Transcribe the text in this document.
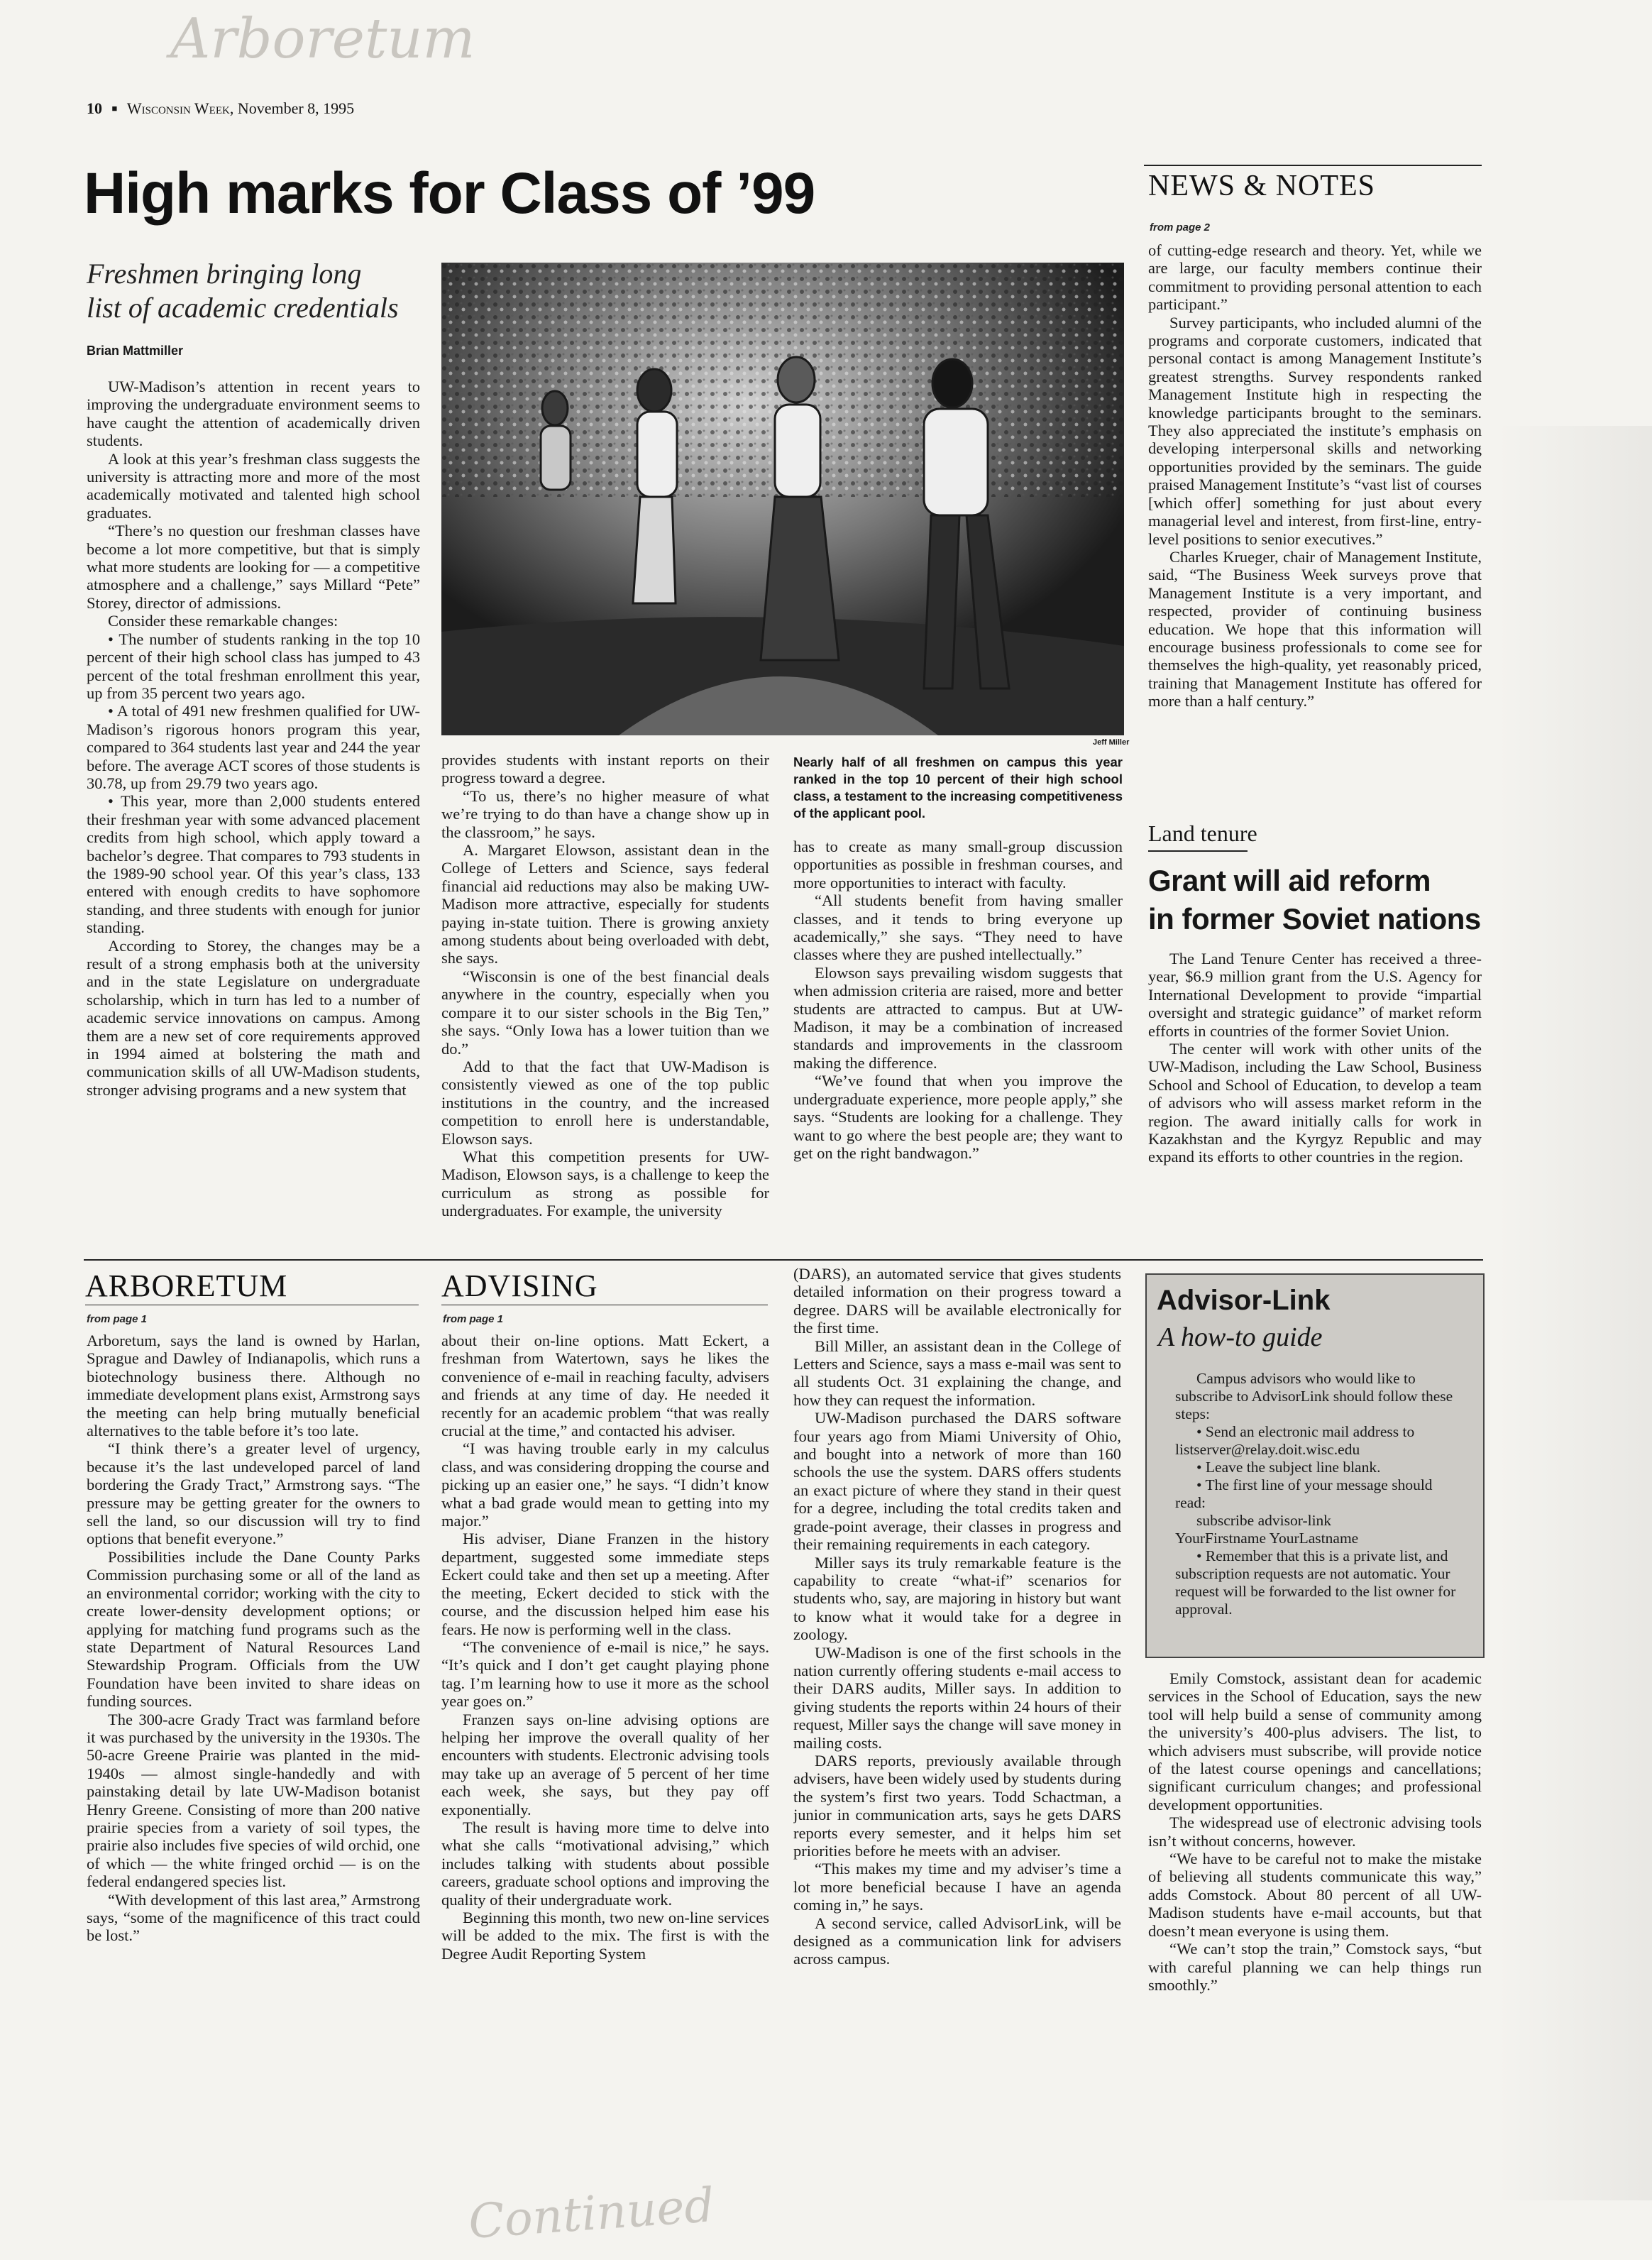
Arboretum
Continued
10 ■ Wisconsin Week, November 8, 1995
High marks for Class of ’99
Freshmen bringing long
list of academic credentials
Brian Mattmiller

UW-Madison’s attention in recent years to improving the undergraduate environment seems to have caught the attention of academically driven students.

A look at this year’s freshman class suggests the university is attracting more and more of the most academically motivated and talented high school graduates.

“There’s no question our freshman classes have become a lot more competitive, but that is simply what more students are looking for — a competitive atmosphere and a challenge,” says Millard “Pete” Storey, director of admissions.

Consider these remarkable changes:

• The number of students ranking in the top 10 percent of their high school class has jumped to 43 percent of the total freshman enrollment this year, up from 35 percent two years ago.

• A total of 491 new freshmen qualified for UW-Madison’s rigorous honors program this year, compared to 364 students last year and 244 the year before. The average ACT scores of those students is 30.78, up from 29.79 two years ago.

• This year, more than 2,000 students entered their freshman year with some advanced placement credits from high school, which apply toward a bachelor’s degree. That compares to 793 students in the 1989-90 school year. Of this year’s class, 133 entered with enough credits to have sophomore standing, and three students with enough for junior standing.

According to Storey, the changes may be a result of a strong emphasis both at the university and in the state Legislature on undergraduate scholarship, which in turn has led to a number of academic service innovations on campus. Among them are a new set of core requirements approved in 1994 aimed at bolstering the math and communication skills of all UW-Madison students, stronger advising programs and a new system that

Jeff Miller

provides students with instant reports on their progress toward a degree.

“To us, there’s no higher measure of what we’re trying to do than have a change show up in the classroom,” he says.

A. Margaret Elowson, assistant dean in the College of Letters and Science, says federal financial aid reductions may also be making UW-Madison more attractive, especially for students paying in-state tuition. There is growing anxiety among students about being overloaded with debt, she says.

“Wisconsin is one of the best financial deals anywhere in the country, especially when you compare it to our sister schools in the Big Ten,” she says. “Only Iowa has a lower tuition than we do.”

Add to that the fact that UW-Madison is consistently viewed as one of the top public institutions in the country, and the increased competition to enroll here is understandable, Elowson says.

What this competition presents for UW-Madison, Elowson says, is a challenge to keep the curriculum as strong as possible for undergraduates. For example, the university

Nearly half of all freshmen on campus this year ranked in the top 10 percent of their high school class, a testament to the increasing competitiveness of the applicant pool.

has to create as many small-group discussion opportunities as possible in freshman courses, and more opportunities to interact with faculty.

“All students benefit from having smaller classes, and it tends to bring everyone up academically,” she says. “They need to have classes where they are pushed intellectually.”

Elowson says prevailing wisdom suggests that when admission criteria are raised, more and better students are attracted to campus. But at UW-Madison, it may be a combination of increased standards and improvements in the classroom making the difference.

“We’ve found that when you improve the undergraduate experience, more people apply,” she says. “Students are looking for a challenge. They want to go where the best people are; they want to get on the right bandwagon.”

NEWS & NOTES
from page 2

of cutting-edge research and theory. Yet, while we are large, our faculty members continue their commitment to providing personal attention to each participant.”

Survey participants, who included alumni of the programs and corporate customers, indicated that personal contact is among Management Institute’s greatest strengths. Survey respondents ranked Management Institute high in respecting the knowledge participants brought to the seminars. They also appreciated the institute’s emphasis on developing interpersonal skills and networking opportunities provided by the seminars. The guide praised Management Institute’s “vast list of courses [which offer] something for just about every managerial level and interest, from first-line, entry-level positions to senior executives.”

Charles Krueger, chair of Management Institute, said, “The Business Week surveys prove that Management Institute is a very important, and respected, provider of continuing business education. We hope that this information will encourage business professionals to come see for themselves the high-quality, yet reasonably priced, training that Management Institute has offered for more than a half century.”

Land tenure
Grant will aid reform
in former Soviet nations

The Land Tenure Center has received a three-year, $6.9 million grant from the U.S. Agency for International Development to provide “impartial oversight and strategic guidance” of market reform efforts in countries of the former Soviet Union.

The center will work with other units of the UW-Madison, including the Law School, Business School and School of Education, to develop a team of advisors who will assess market reform in the region. The award initially calls for work in Kazakhstan and the Kyrgyz Republic and may expand its efforts to other countries in the region.

ARBORETUM
from page 1

Arboretum, says the land is owned by Harlan, Sprague and Dawley of Indianapolis, which runs a biotechnology business there. Although no immediate development plans exist, Armstrong says the meeting can help bring mutually beneficial alternatives to the table before it’s too late.

“I think there’s a greater level of urgency, because it’s the last undeveloped parcel of land bordering the Grady Tract,” Armstrong says. “The pressure may be getting greater for the owners to sell the land, so our discussion will try to find options that benefit everyone.”

Possibilities include the Dane County Parks Commission purchasing some or all of the land as an environmental corridor; working with the city to create lower-density development options; or applying for matching fund programs such as the state Department of Natural Resources Land Stewardship Program. Officials from the UW Foundation have been invited to share ideas on funding sources.

The 300-acre Grady Tract was farmland before it was purchased by the university in the 1930s. The 50-acre Greene Prairie was planted in the mid-1940s — almost single-handedly and with painstaking detail by late UW-Madison botanist Henry Greene. Consisting of more than 200 native prairie species from a variety of soil types, the prairie also includes five species of wild orchid, one of which — the white fringed orchid — is on the federal endangered species list.

“With development of this last area,” Armstrong says, “some of the magnificence of this tract could be lost.”

ADVISING
from page 1

about their on-line options. Matt Eckert, a freshman from Watertown, says he likes the convenience of e-mail in reaching faculty, advisers and friends at any time of day. He needed it recently for an academic problem “that was really crucial at the time,” and contacted his adviser.

“I was having trouble early in my calculus class, and was considering dropping the course and picking up an easier one,” he says. “I didn’t know what a bad grade would mean to getting into my major.”

His adviser, Diane Franzen in the history department, suggested some immediate steps Eckert could take and then set up a meeting. After the meeting, Eckert decided to stick with the course, and the discussion helped him ease his fears. He now is performing well in the class.

“The convenience of e-mail is nice,” he says. “It’s quick and I don’t get caught playing phone tag. I’m learning how to use it more as the school year goes on.”

Franzen says on-line advising options are helping her improve the overall quality of her encounters with students. Electronic advising tools may take up an average of 5 percent of her time each week, she says, but they pay off exponentially.

The result is having more time to delve into what she calls “motivational advising,” which includes talking with students about possible careers, graduate school options and improving the quality of their undergraduate work.

Beginning this month, two new on-line services will be added to the mix. The first is with the Degree Audit Reporting System

(DARS), an automated service that gives students detailed information on their progress toward a degree. DARS will be available electronically for the first time.

Bill Miller, an assistant dean in the College of Letters and Science, says a mass e-mail was sent to all students Oct. 31 explaining the change, and how they can request the information.

UW-Madison purchased the DARS software four years ago from Miami University of Ohio, and bought into a network of more than 160 schools the use the system. DARS offers students an exact picture of where they stand in their quest for a degree, including the total credits taken and grade-point average, their classes in progress and their remaining requirements in each category.

Miller says its truly remarkable feature is the capability to create “what-if” scenarios for students who, say, are majoring in history but want to know what it would take for a degree in zoology.

UW-Madison is one of the first schools in the nation currently offering students e-mail access to their DARS audits, Miller says. In addition to giving students the reports within 24 hours of their request, Miller says the change will save money in mailing costs.

DARS reports, previously available through advisers, have been widely used by students during the system’s first two years. Todd Schactman, a junior in communication arts, says he gets DARS reports every semester, and it helps him set priorities before he meets with an adviser.

“This makes my time and my adviser’s time a lot more beneficial because I have an agenda coming in,” he says.

A second service, called AdvisorLink, will be designed as a communication link for advisers across campus.

Advisor-Link
A how-to guide

Campus advisors who would like to subscribe to AdvisorLink should follow these steps:

• Send an electronic mail address to listserver@relay.doit.wisc.edu

• Leave the subject line blank.

• The first line of your message should read:

subscribe advisor-link

YourFirstname YourLastname

• Remember that this is a private list, and subscription requests are not automatic. Your request will be forwarded to the list owner for approval.

Emily Comstock, assistant dean for academic services in the School of Education, says the new tool will help build a sense of community among the university’s 400-plus advisers. The list, to which advisers must subscribe, will provide notice of the latest course openings and cancellations; significant curriculum changes; and professional development opportunities.

The widespread use of electronic advising tools isn’t without concerns, however.

“We have to be careful not to make the mistake of believing all students communicate this way,” adds Comstock. About 80 percent of all UW-Madison students have e-mail accounts, but that doesn’t mean everyone is using them.

“We can’t stop the train,” Comstock says, “but with careful planning we can help things run smoothly.”
